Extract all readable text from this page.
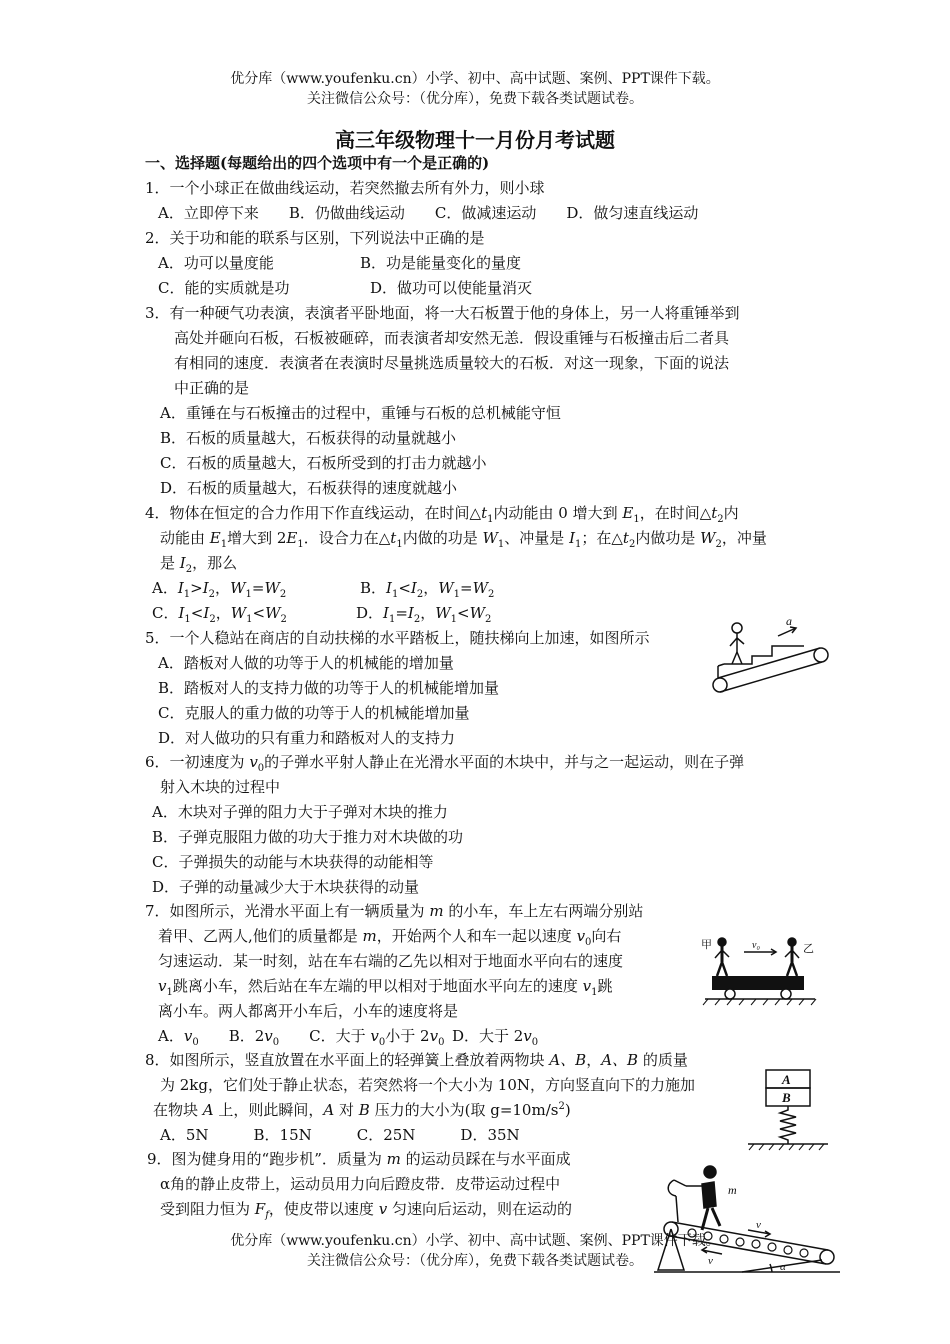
优分库（www.youfenku.cn）小学、初中、高中试题、案例、PPT课件下载。
关注微信公众号：（优分库），免费下载各类试题试卷。
高三年级物理十一月份月考试题
一、选择题(每题给出的四个选项中有一个是正确的)
1．一个小球正在做曲线运动，若突然撤去所有外力，则小球
A．立即停下来　　B．仍做曲线运动　　C．做减速运动　　D．做匀速直线运动
2．关于功和能的联系与区别，下列说法中正确的是
A．功可以量度能	B．功是能量变化的量度
C．能的实质就是功	D．做功可以使能量消灭
3．有一种硬气功表演，表演者平卧地面，将一大石板置于他的身体上，另一人将重锤举到
高处并砸向石板，石板被砸碎，而表演者却安然无恙．假设重锤与石板撞击后二者具
有相同的速度．表演者在表演时尽量挑选质量较大的石板．对这一现象，下面的说法
中正确的是
A．重锤在与石板撞击的过程中，重锤与石板的总机械能守恒
B．石板的质量越大，石板获得的动量就越小
C．石板的质量越大，石板所受到的打击力就越小
D．石板的质量越大，石板获得的速度就越小
4．物体在恒定的合力作用下作直线运动，在时间$\triangle t_1$内动能由 0 增大到 $E_1$，在时间$\triangle t_2$内
动能由 $E_1$增大到 $2E_1$．设合力在$\triangle t_1$内做的功是 $W_1$、冲量是 $I_1$；在$\triangle t_2$内做功是 $W_2$，冲量
是 $I_2$，那么
A．$I_1>I_2$，$W_1=W_2$	B．$I_1<I_2$，$W_1=W_2$
C．$I_1<I_2$，$W_1<W_2$	D．$I_1=I_2$，$W_1<W_2$
5．一个人稳站在商店的自动扶梯的水平踏板上，随扶梯向上加速，如图所示
A．踏板对人做的功等于人的机械能的增加量
B．踏板对人的支持力做的功等于人的机械能增加量
C．克服人的重力做的功等于人的机械能增加量
D．对人做功的只有重力和踏板对人的支持力
a
6．一初速度为 $v_0$的子弹水平射人静止在光滑水平面的木块中，并与之一起运动，则在子弹
射入木块的过程中
A．木块对子弹的阻力大于子弹对木块的推力
B．子弹克服阻力做的功大于推力对木块做的功
C．子弹损失的动能与木块获得的动能相等
D．子弹的动量减少大于木块获得的动量
7．如图所示，光滑水平面上有一辆质量为 m 的小车，车上左右两端分别站
着甲、乙两人,他们的质量都是 m，开始两个人和车一起以速度 $v_0$向右
匀速运动．某一时刻，站在车右端的乙先以相对于地面水平向右的速度
$v_1$跳离小车，然后站在车左端的甲以相对于地面水平向左的速度 $v_1$跳
离小车。两人都离开小车后，小车的速度将是
A．$v_0$　　 B．$2v_0$　　 C．大于 $v_0$小于 $2v_0$  D．大于 $2v_0$
甲	乙
v₀
8．如图所示，竖直放置在水平面上的轻弹簧上叠放着两物块 A、B，A、B 的质量
为 2kg，它们处于静止状态，若突然将一个大小为 10N，方向竖直向下的力施加
在物块 A 上，则此瞬间，A 对 B 压力的大小为(取 $g=10m/s^2$)
A．5N　　　B．15N　　　C．25N　　　D．35N
A
B
9．图为健身用的“跑步机”．质量为 m 的运动员踩在与水平面成
α角的静止皮带上，运动员用力向后蹬皮带．皮带运动过程中
受到阻力恒为 $F_f$，使皮带以速度 v 匀速向后运动，则在运动的
优分库（www.youfenku.cn）小学、初中、高中试题、案例、PPT课件下载。
关注微信公众号：（优分库），免费下载各类试题试卷。
m
v
v	α
